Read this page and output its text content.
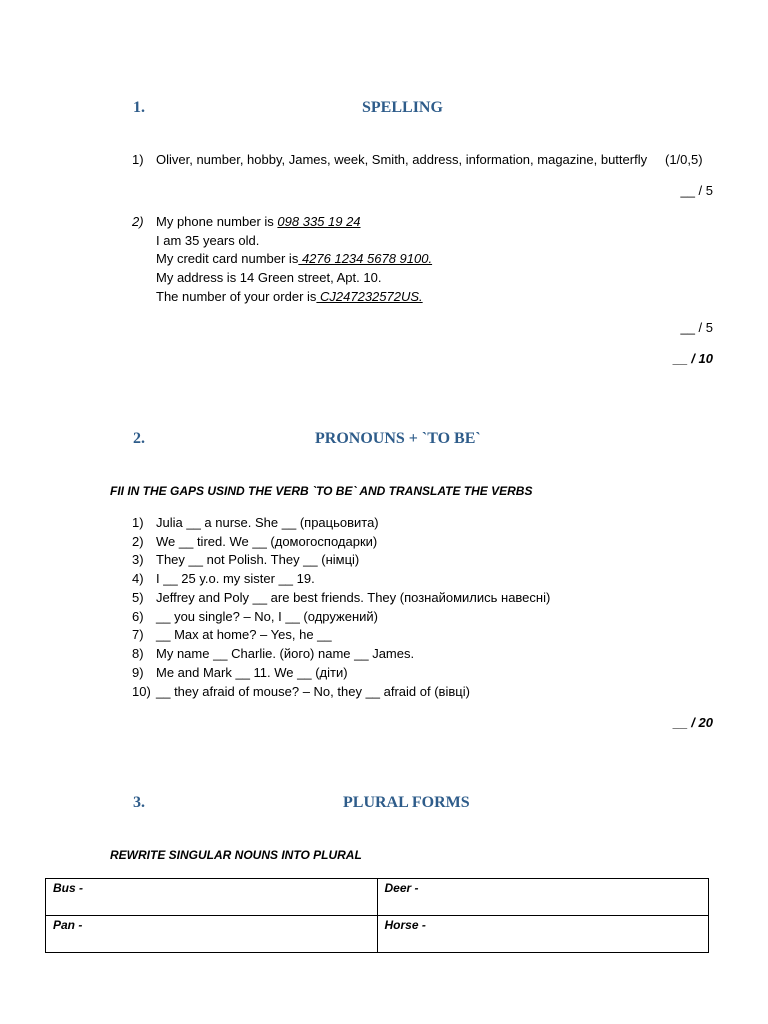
1.	SPELLING
1) Oliver, number, hobby, James, week, Smith, address, information, magazine, butterfly (1/0,5)
__ / 5
2) My phone number is 098 335 19 24
I am 35 years old.
My credit card number is 4276 1234 5678 9100.
My address is 14 Green street, Apt. 10.
The number of your order is CJ247232572US.
__ / 5
__ / 10
2.	PRONOUNS + `TO BE`
FII IN THE GAPS USIND THE VERB `TO BE` AND TRANSLATE THE VERBS
1) Julia __ a nurse. She __ (працьовита)
2) We __ tired. We __ (домогосподарки)
3) They __ not Polish. They __ (німці)
4) I __ 25 y.o. my sister __ 19.
5) Jeffrey and Poly __ are best friends. They (познайомились навесні)
6) __ you single? – No, I __ (одружений)
7) __ Max at home? – Yes, he __
8) My name __ Charlie. (його) name __ James.
9) Me and Mark __ 11. We __ (діти)
10) __ they afraid of mouse? – No, they __ afraid of (вівці)
__ / 20
3.	PLURAL FORMS
REWRITE SINGULAR NOUNS INTO PLURAL
Bus -	Deer -
Pan -	Horse -
